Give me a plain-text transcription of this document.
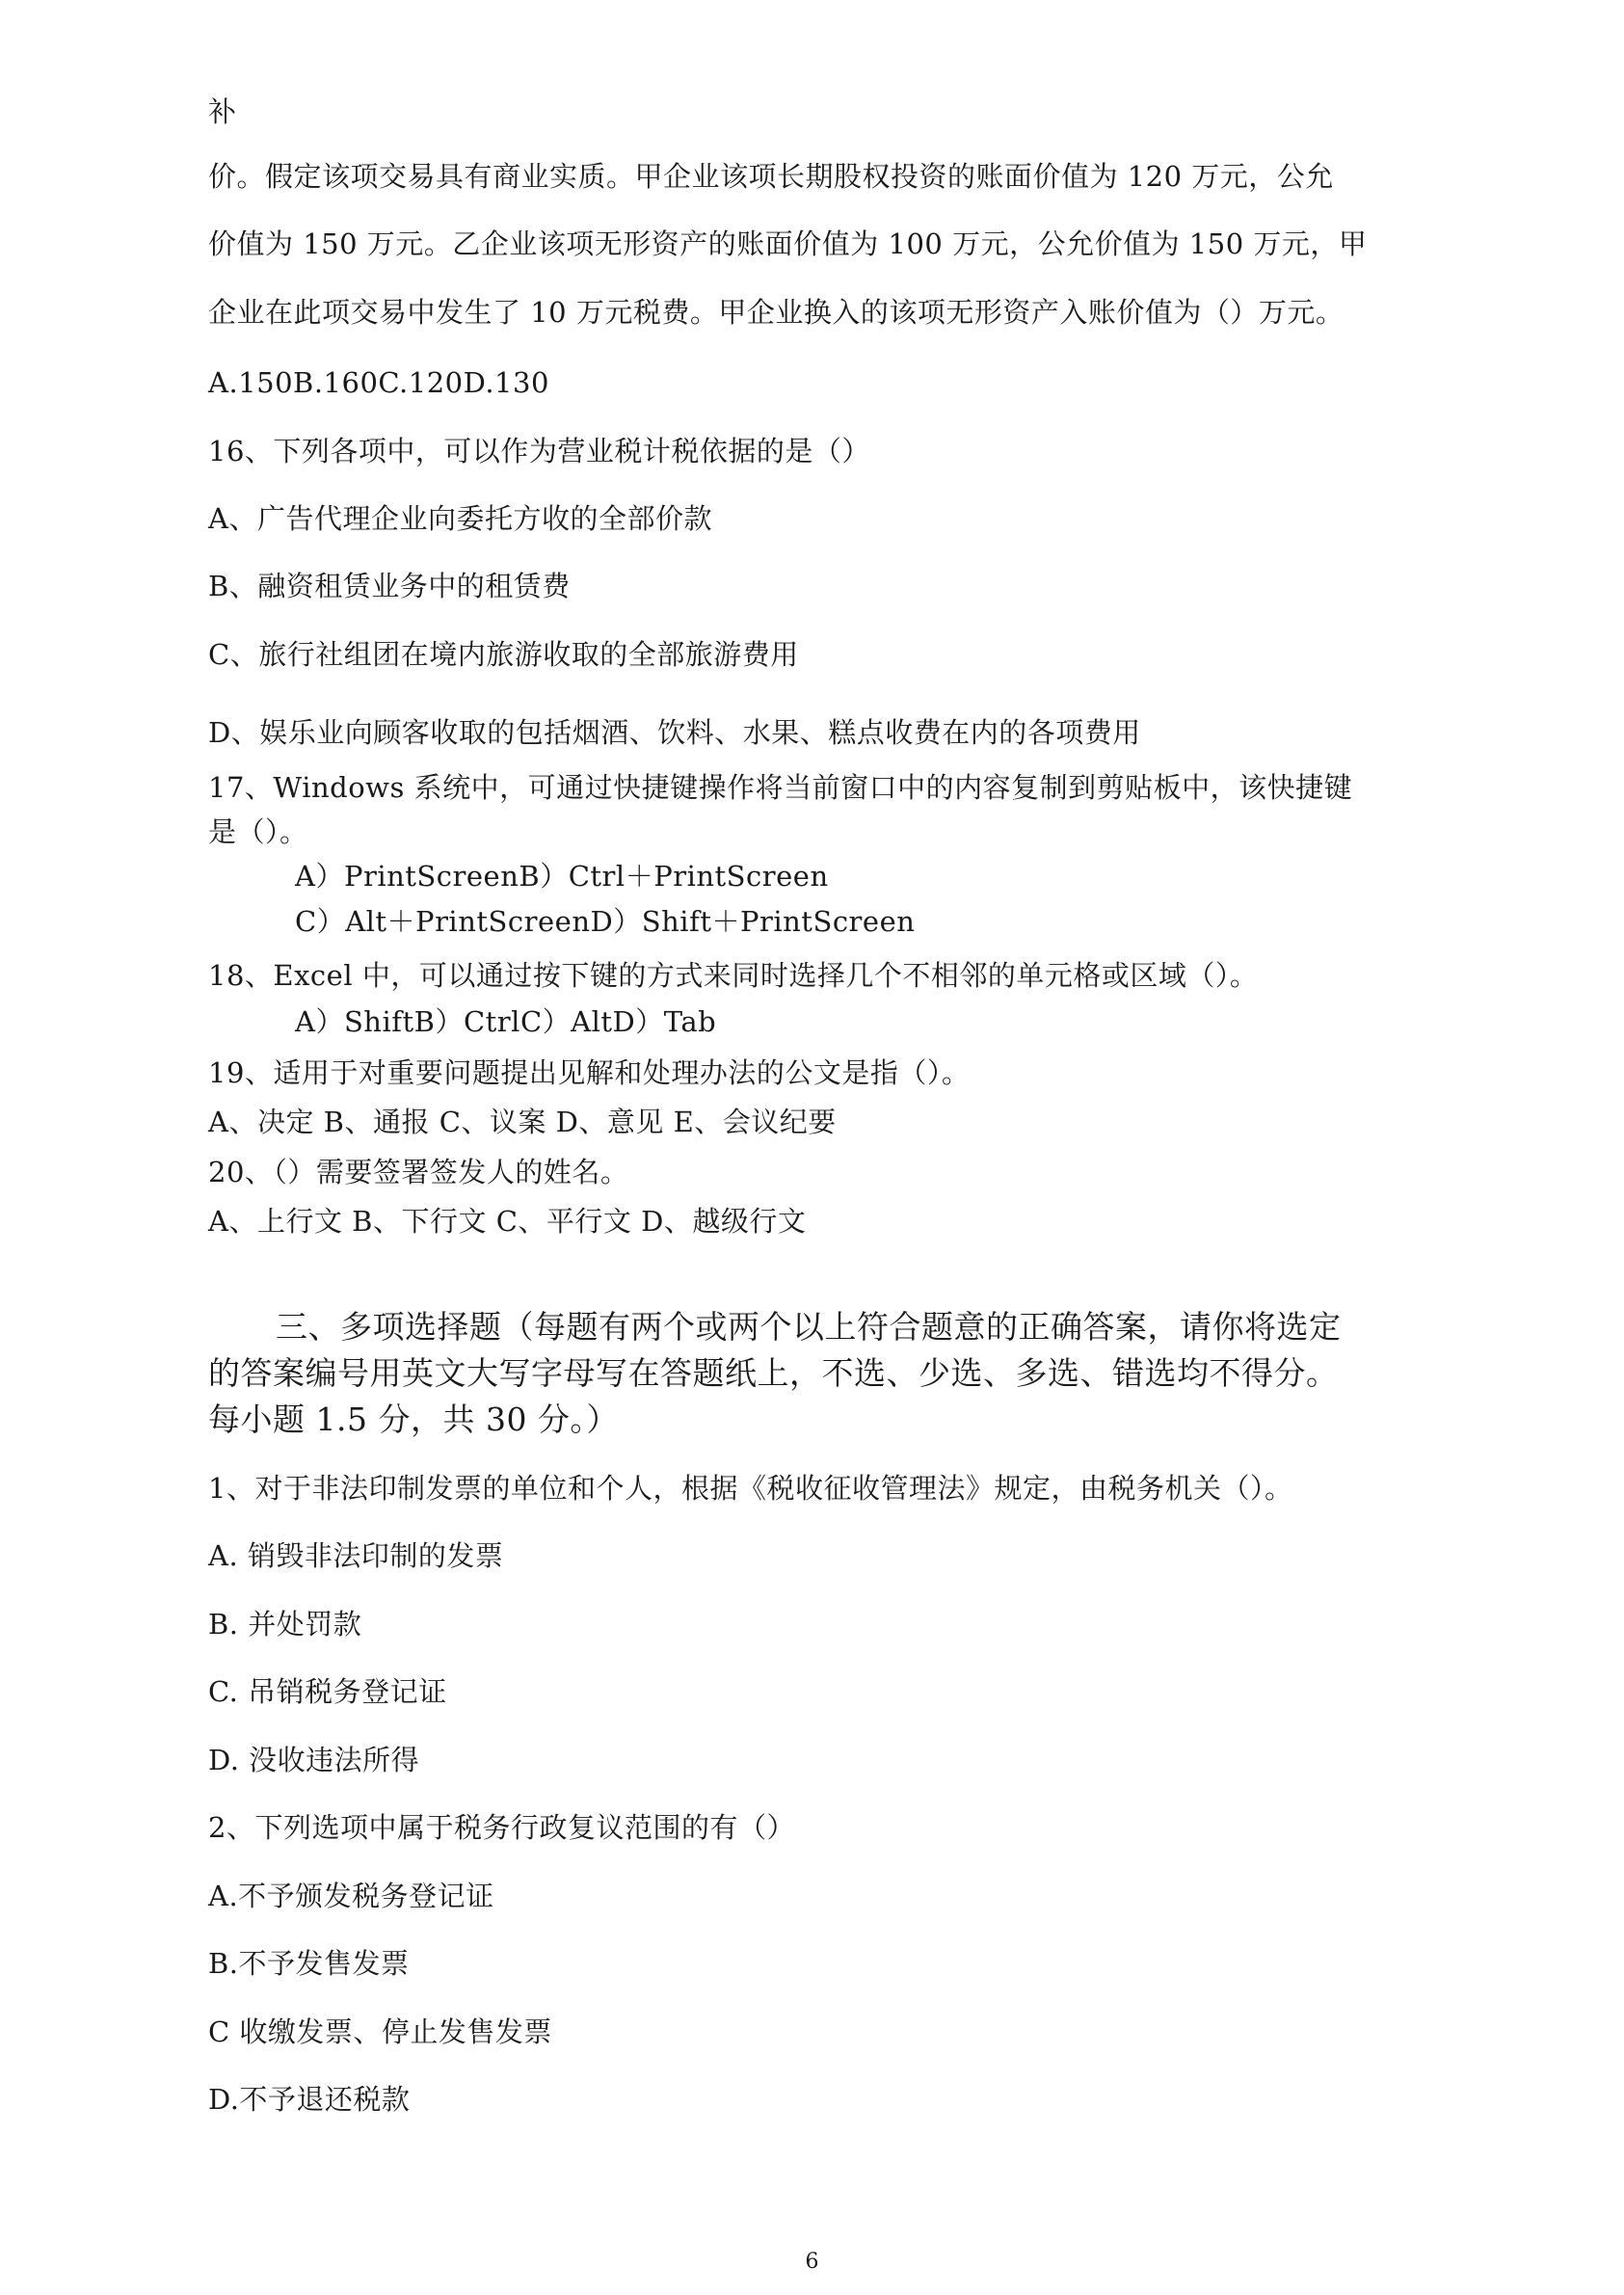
补
价。假定该项交易具有商业实质。甲企业该项长期股权投资的账面价值为 120 万元，公允
价值为 150 万元。乙企业该项无形资产的账面价值为 100 万元，公允价值为 150 万元，甲
企业在此项交易中发生了 10 万元税费。甲企业换入的该项无形资产入账价值为（）万元。
A.150B.160C.120D.130
16、下列各项中，可以作为营业税计税依据的是（）
A、广告代理企业向委托方收的全部价款
B、融资租赁业务中的租赁费
C、旅行社组团在境内旅游收取的全部旅游费用
D、娱乐业向顾客收取的包括烟酒、饮料、水果、糕点收费在内的各项费用
17、Windows 系统中，可通过快捷键操作将当前窗口中的内容复制到剪贴板中，该快捷键
是（）。
A）PrintScreenB）Ctrl＋PrintScreen
C）Alt＋PrintScreenD）Shift＋PrintScreen
18、Excel 中，可以通过按下键的方式来同时选择几个不相邻的单元格或区域（）。
A）ShiftB）CtrlC）AltD）Tab
19、适用于对重要问题提出见解和处理办法的公文是指（）。
A、决定 B、通报 C、议案 D、意见 E、会议纪要
20、（）需要签署签发人的姓名。
A、上行文 B、下行文 C、平行文 D、越级行文
三、多项选择题（每题有两个或两个以上符合题意的正确答案，请你将选定
的答案编号用英文大写字母写在答题纸上，不选、少选、多选、错选均不得分。
每小题 1.5 分，共 30 分。）
1、对于非法印制发票的单位和个人，根据《税收征收管理法》规定，由税务机关（）。
A. 销毁非法印制的发票
B. 并处罚款
C. 吊销税务登记证
D. 没收违法所得
2、下列选项中属于税务行政复议范围的有（）
A.不予颁发税务登记证
B.不予发售发票
C 收缴发票、停止发售发票
D.不予退还税款
6
